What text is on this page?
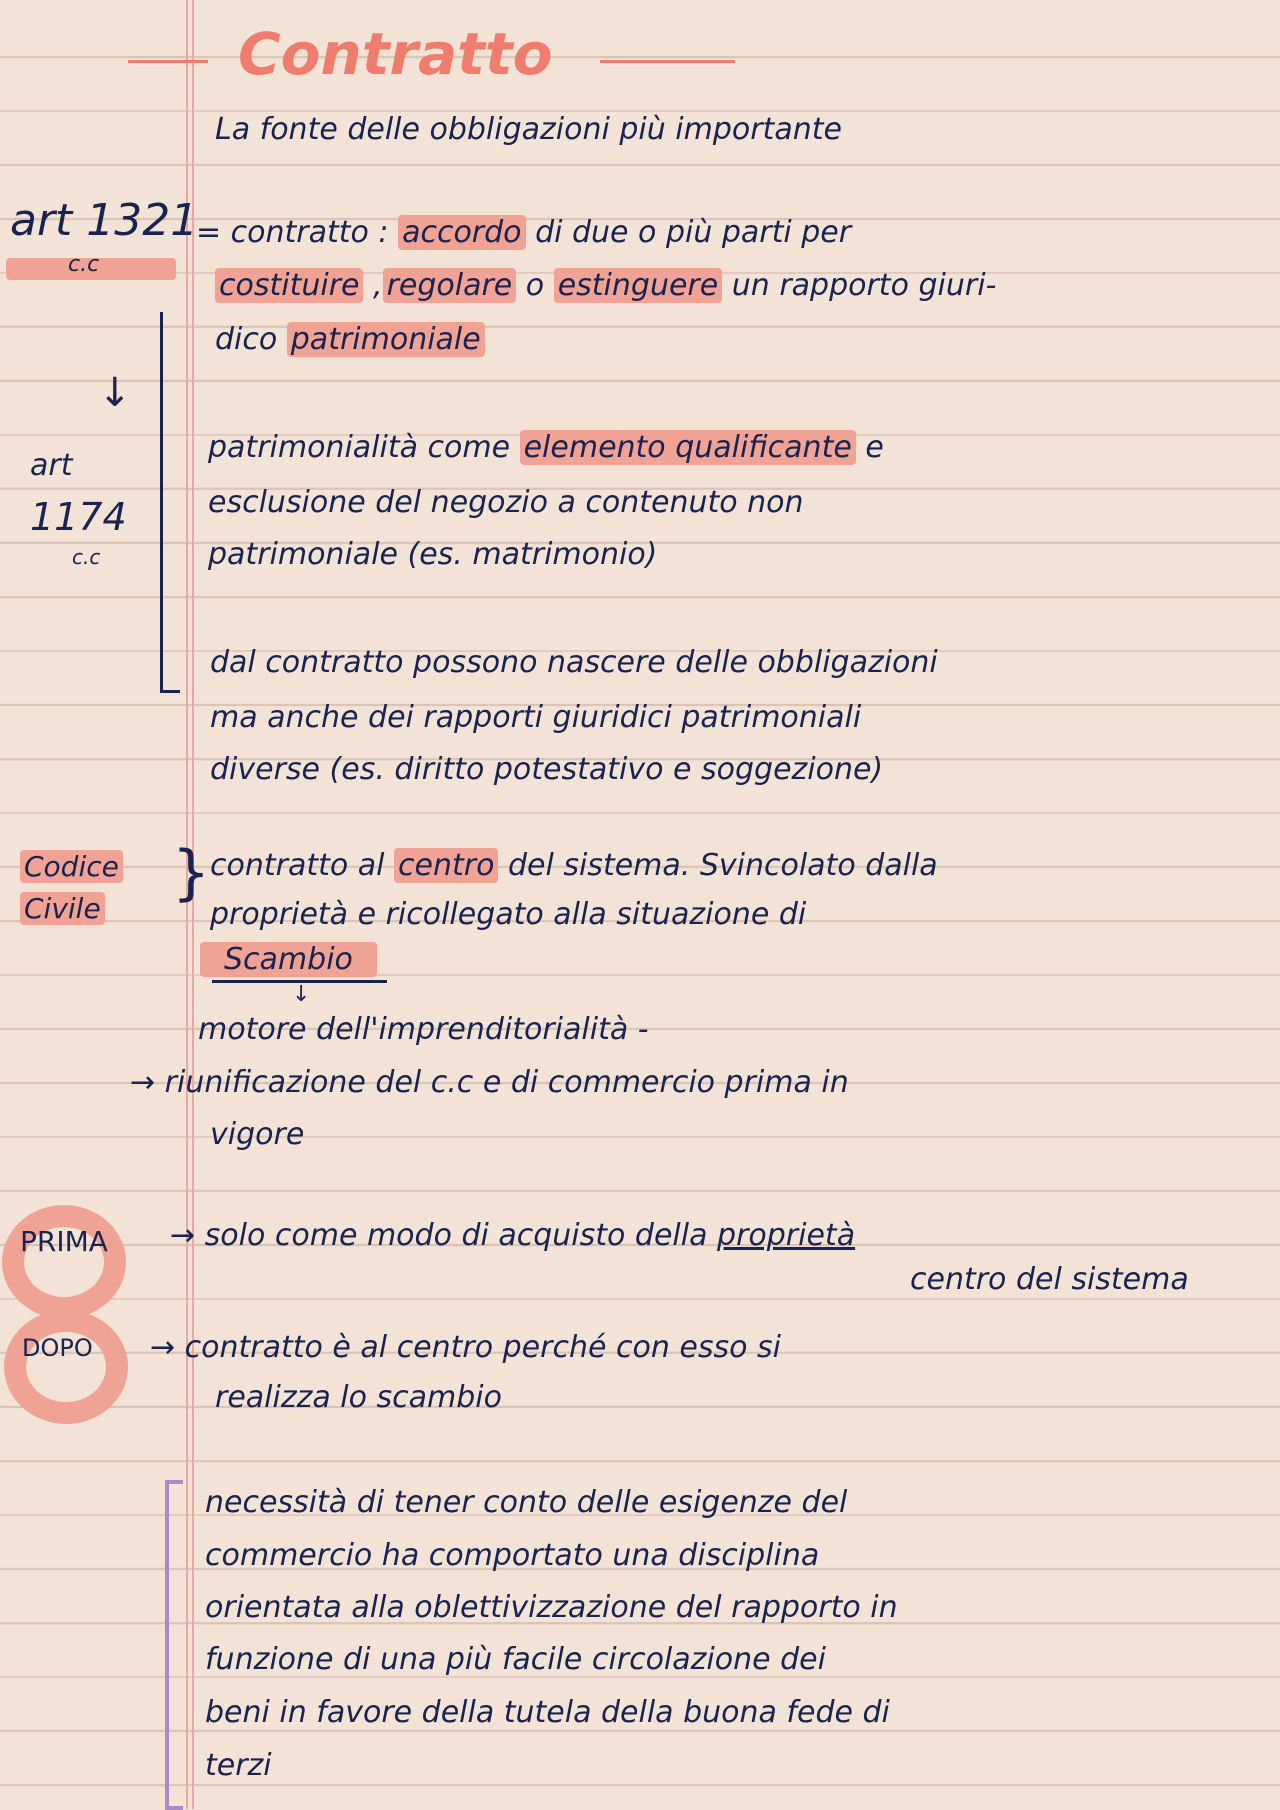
Contratto
La fonte delle obbligazioni più importante
art 1321
c.c
= contratto : accordo di due o più parti per
costituire , regolare o estinguere un rapporto giuri-
dico patrimoniale
↓
art
1174
c.c
patrimonialità come elemento qualificante e
esclusione del negozio a contenuto non
patrimoniale (es. matrimonio)
dal contratto possono nascere delle obbligazioni
ma anche dei rapporti giuridici patrimoniali
diverse (es. diritto potestativo e soggezione)
Codice
Civile
} contratto al centro del sistema. Svincolato dalla
proprietà e ricollegato alla situazione di
Scambio
↓
motore dell'imprenditorialità -
→ riunificazione del c.c e di commercio prima in
vigore
PRIMA → solo come modo di acquisto della proprietà
centro del sistema
DOPO → contratto è al centro perché con esso si
realizza lo scambio
necessità di tener conto delle esigenze del
commercio ha comportato una disciplina
orientata alla oblettivizzazione del rapporto in
funzione di una più facile circolazione dei
beni in favore della tutela della buona fede di
terzi
